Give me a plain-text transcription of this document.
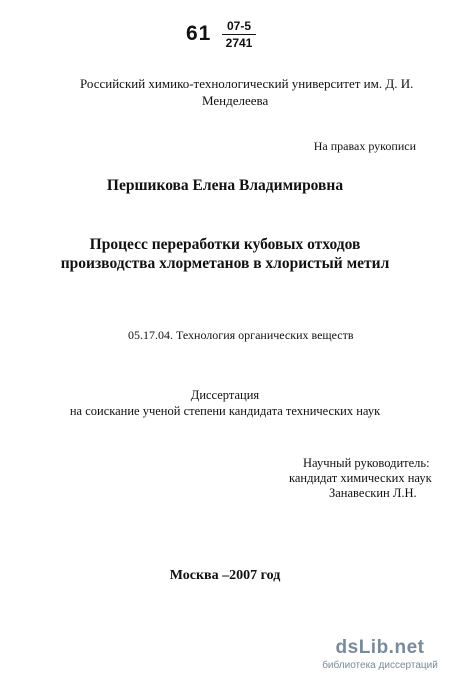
61	07-5
2741
Российский химико-технологический университет им. Д. И.
Менделеева
На правах рукописи
Першикова Елена Владимировна
Процесс переработки кубовых отходов
производства хлорметанов в хлористый метил
05.17.04. Технология органических веществ
Диссертация
на соискание ученой степени кандидата технических наук
Научный руководитель:
кандидат химических наук
Занавескин Л.Н.
Москва –2007 год
dsLib.net
библиотека диссертаций
